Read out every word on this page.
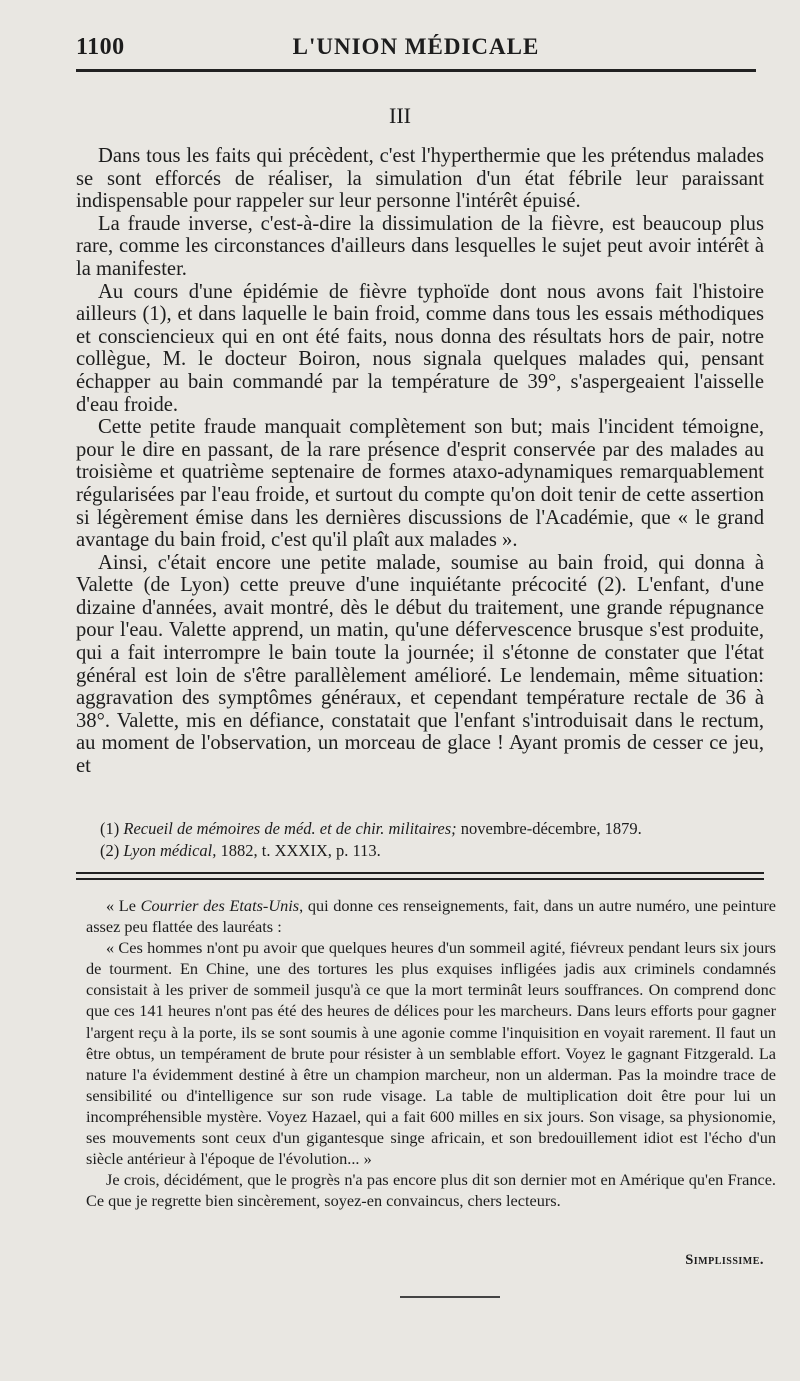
1100	L'UNION MÉDICALE
III

Dans tous les faits qui précèdent, c'est l'hyperthermie que les prétendus malades se sont efforcés de réaliser, la simulation d'un état fébrile leur paraissant indispensable pour rappeler sur leur personne l'intérêt épuisé.

La fraude inverse, c'est-à-dire la dissimulation de la fièvre, est beaucoup plus rare, comme les circonstances d'ailleurs dans lesquelles le sujet peut avoir intérêt à la manifester.

Au cours d'une épidémie de fièvre typhoïde dont nous avons fait l'histoire ailleurs (1), et dans laquelle le bain froid, comme dans tous les essais méthodiques et consciencieux qui en ont été faits, nous donna des résultats hors de pair, notre collègue, M. le docteur Boiron, nous signala quelques malades qui, pensant échapper au bain commandé par la température de 39°, s'aspergeaient l'aisselle d'eau froide.

Cette petite fraude manquait complètement son but; mais l'incident témoigne, pour le dire en passant, de la rare présence d'esprit conservée par des malades au troisième et quatrième septenaire de formes ataxo-adynamiques remarquablement régularisées par l'eau froide, et surtout du compte qu'on doit tenir de cette assertion si légèrement émise dans les dernières discussions de l'Académie, que « le grand avantage du bain froid, c'est qu'il plaît aux malades ».

Ainsi, c'était encore une petite malade, soumise au bain froid, qui donna à Valette (de Lyon) cette preuve d'une inquiétante précocité (2). L'enfant, d'une dizaine d'années, avait montré, dès le début du traitement, une grande répugnance pour l'eau. Valette apprend, un matin, qu'une défervescence brusque s'est produite, qui a fait interrompre le bain toute la journée; il s'étonne de constater que l'état général est loin de s'être parallèlement amélioré. Le lendemain, même situation: aggravation des symptômes généraux, et cependant température rectale de 36 à 38°. Valette, mis en défiance, constatait que l'enfant s'introduisait dans le rectum, au moment de l'observation, un morceau de glace ! Ayant promis de cesser ce jeu, et

(1) Recueil de mémoires de méd. et de chir. militaires; novembre-décembre, 1879.

(2) Lyon médical, 1882, t. XXXIX, p. 113.

« Le Courrier des Etats-Unis, qui donne ces renseignements, fait, dans un autre numéro, une peinture assez peu flattée des lauréats :

« Ces hommes n'ont pu avoir que quelques heures d'un sommeil agité, fiévreux pendant leurs six jours de tourment. En Chine, une des tortures les plus exquises infligées jadis aux criminels condamnés consistait à les priver de sommeil jusqu'à ce que la mort terminât leurs souffrances. On comprend donc que ces 141 heures n'ont pas été des heures de délices pour les marcheurs. Dans leurs efforts pour gagner l'argent reçu à la porte, ils se sont soumis à une agonie comme l'inquisition en voyait rarement. Il faut un être obtus, un tempérament de brute pour résister à un semblable effort. Voyez le gagnant Fitzgerald. La nature l'a évidemment destiné à être un champion marcheur, non un alderman. Pas la moindre trace de sensibilité ou d'intelligence sur son rude visage. La table de multiplication doit être pour lui un incompréhensible mystère. Voyez Hazael, qui a fait 600 milles en six jours. Son visage, sa physionomie, ses mouvements sont ceux d'un gigantesque singe africain, et son bredouillement idiot est l'écho d'un siècle antérieur à l'époque de l'évolution... »

Je crois, décidément, que le progrès n'a pas encore plus dit son dernier mot en Amérique qu'en France. Ce que je regrette bien sincèrement, soyez-en convaincus, chers lecteurs.

Simplissime.
